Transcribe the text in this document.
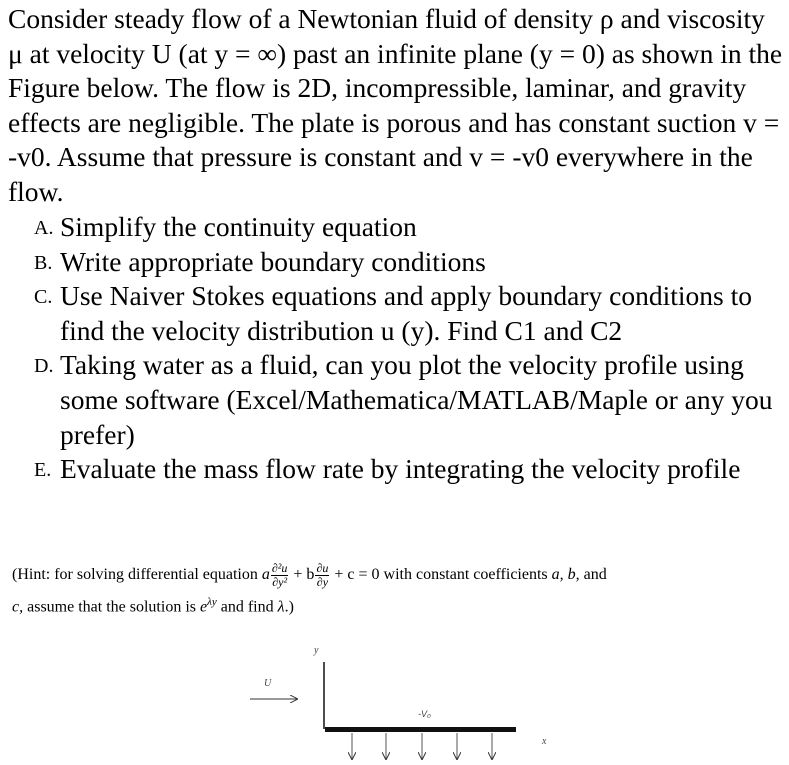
Consider steady flow of a Newtonian fluid of density ρ and viscosity μ at velocity U (at y = ∞) past an infinite plane (y = 0) as shown in the Figure below. The flow is 2D, incompressible, laminar, and gravity effects are negligible. The plate is porous and has constant suction v = -v0. Assume that pressure is constant and v = -v0 everywhere in the flow.

A. Simplify the continuity equation
B. Write appropriate boundary conditions
C. Use Naiver Stokes equations and apply boundary conditions to find the velocity distribution u (y). Find C1 and C2
D. Taking water as a fluid, can you plot the velocity profile using some software (Excel/Mathematica/MATLAB/Maple or any you prefer)
E. Evaluate the mass flow rate by integrating the velocity profile

(Hint: for solving differential equation a $\frac{\text{∂²u}}{\text{∂y²}} + b \frac{\partial u}{\partial y} + c = 0$ with constant coefficients a, b, and
c, assume that the solution is $e^{\lambda y}$ and find λ.)

y
U
-V₀
x
